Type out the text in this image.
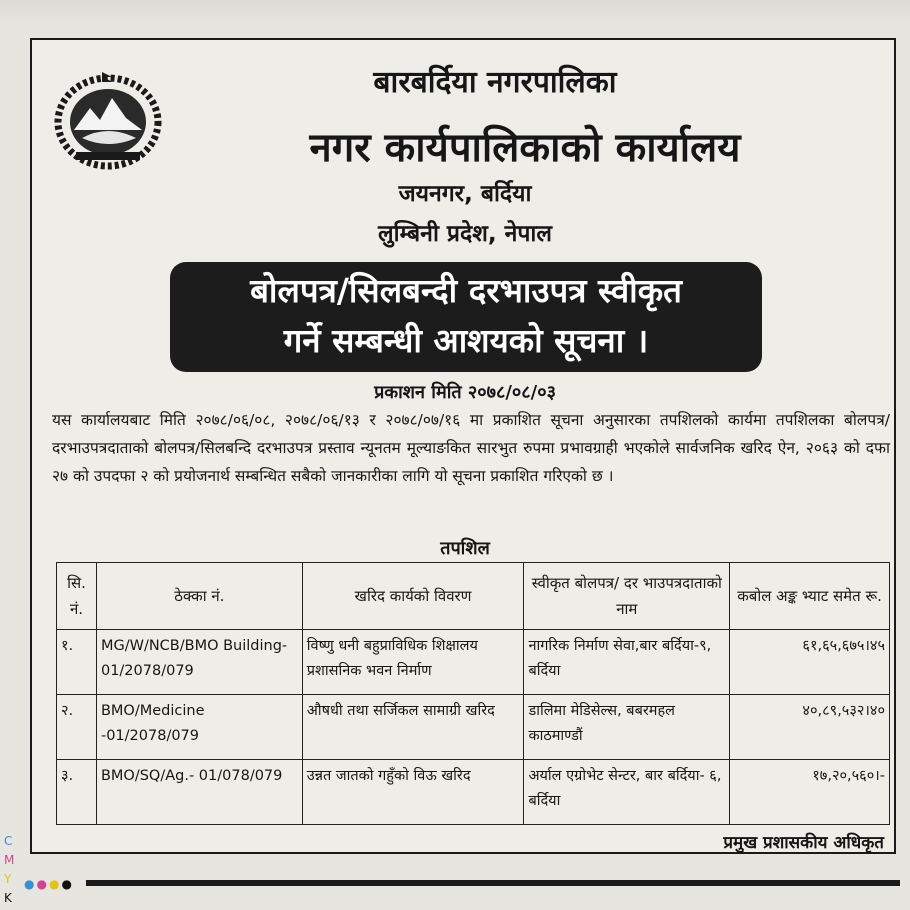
बारबर्दिया नगरपालिका
नगर कार्यपालिकाको कार्यालय
जयनगर, बर्दिया
लुम्बिनी प्रदेश, नेपाल
बोलपत्र/सिलबन्दी दरभाउपत्र स्वीकृत
गर्ने सम्बन्धी आशयको सूचना ।
प्रकाशन मिति २०७८/०८/०३
यस कार्यालयबाट मिति २०७८/०६/०८, २०७८/०६/१३ र २०७८/०७/१६ मा प्रकाशित सूचना अनुसारका तपशिलको कार्यमा तपशिलका बोलपत्र/दरभाउपत्रदाताको बोलपत्र/सिलबन्दि दरभाउपत्र प्रस्ताव न्यूनतम मूल्याङकित सारभुत रुपमा प्रभावग्राही भएकोले सार्वजनिक खरिद ऐन, २०६३ को दफा २७ को उपदफा २ को प्रयोजनार्थ सम्बन्धित सबैको जानकारीका लागि यो सूचना प्रकाशित गरिएको छ ।
तपशिल
सि. नं.	ठेक्का नं.	खरिद कार्यको विवरण	स्वीकृत बोलपत्र/ दर भाउपत्रदाताको नाम	कबोल अङ्क भ्याट समेत रू.
१.	MG/W/NCB/BMO Building-01/2078/079	विष्णु धनी बहुप्राविधिक शिक्षालय प्रशासनिक भवन निर्माण	नागरिक निर्माण सेवा,बार बर्दिया-९, बर्दिया	६१,६५,६७५।४५
२.	BMO/Medicine -01/2078/079	औषधी तथा सर्जिकल सामाग्री खरिद	डालिमा मेडिसेल्स, बबरमहल काठमाण्डौं	४०,८९,५३२।४०
३.	BMO/SQ/Ag.- 01/078/079	उन्नत जातको गहुँको विऊ खरिद	अर्याल एग्रोभेट सेन्टर, बार बर्दिया- ६, बर्दिया	१७,२०,५६०।-
प्रमुख प्रशासकीय अधिकृत
C
M
Y
K
●●●●
